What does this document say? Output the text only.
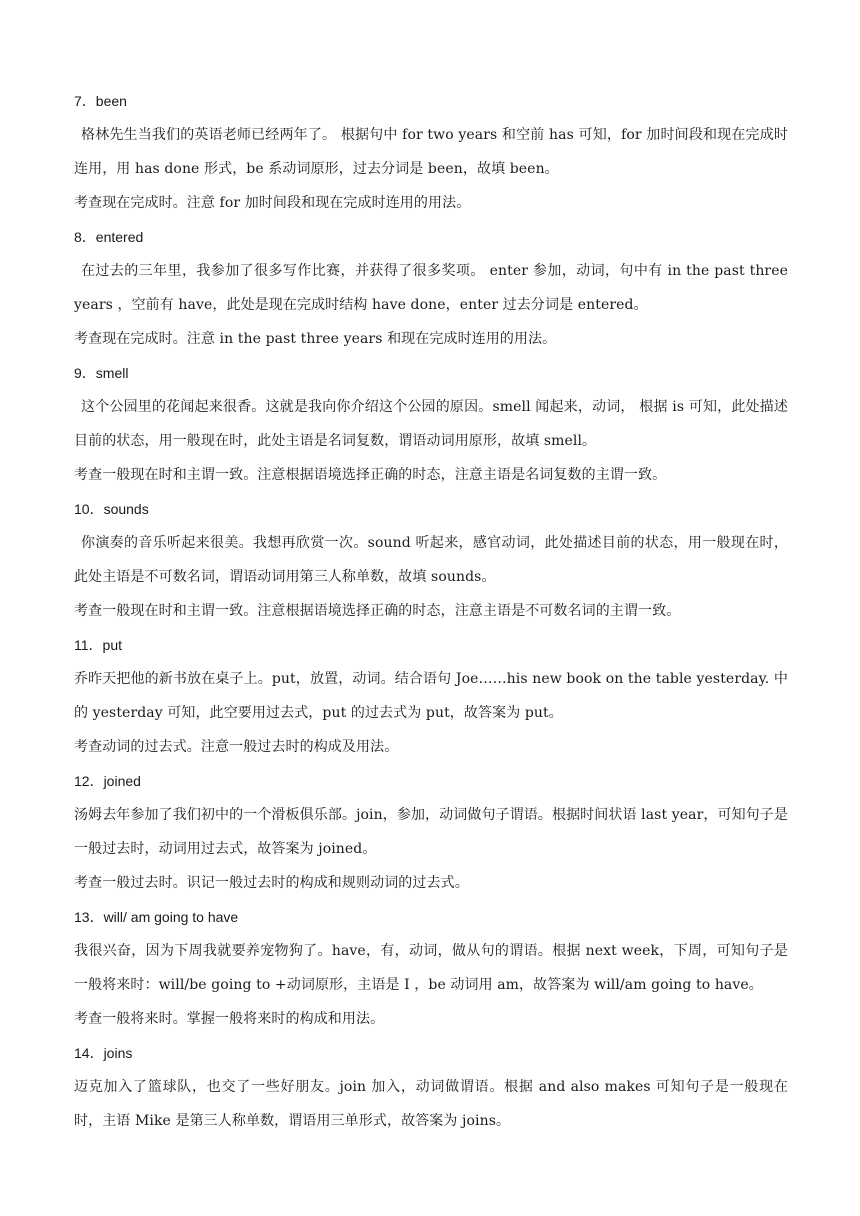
7．been

格林先生当我们的英语老师已经两年了。 根据句中 for two years 和空前 has 可知，for 加时间段和现在完成时连用，用 has done 形式，be 系动词原形，过去分词是 been，故填 been。

考查现在完成时。注意 for 加时间段和现在完成时连用的用法。

8．entered

在过去的三年里，我参加了很多写作比赛，并获得了很多奖项。 enter 参加，动词，句中有 in the past three years ，空前有 have，此处是现在完成时结构 have done，enter 过去分词是 entered。

考查现在完成时。注意 in the past three years 和现在完成时连用的用法。

9．smell

这个公园里的花闻起来很香。这就是我向你介绍这个公园的原因。smell 闻起来，动词， 根据 is 可知，此处描述目前的状态，用一般现在时，此处主语是名词复数，谓语动词用原形，故填 smell。

考查一般现在时和主谓一致。注意根据语境选择正确的时态，注意主语是名词复数的主谓一致。

10．sounds

你演奏的音乐听起来很美。我想再欣赏一次。sound 听起来，感官动词，此处描述目前的状态，用一般现在时，此处主语是不可数名词，谓语动词用第三人称单数，故填 sounds。

考查一般现在时和主谓一致。注意根据语境选择正确的时态，注意主语是不可数名词的主谓一致。

11．put

乔昨天把他的新书放在桌子上。put，放置，动词。结合语句 Joe……his new book on the table yesterday. 中的 yesterday 可知，此空要用过去式，put 的过去式为 put，故答案为 put。

考查动词的过去式。注意一般过去时的构成及用法。

12．joined

汤姆去年参加了我们初中的一个滑板俱乐部。join，参加，动词做句子谓语。根据时间状语 last year，可知句子是一般过去时，动词用过去式，故答案为 joined。

考查一般过去时。识记一般过去时的构成和规则动词的过去式。

13．will/ am going to have

我很兴奋，因为下周我就要养宠物狗了。have，有，动词，做从句的谓语。根据 next week，下周，可知句子是一般将来时：will/be going to +动词原形，主语是 I ，be 动词用 am，故答案为 will/am going to have。

考查一般将来时。掌握一般将来时的构成和用法。

14．joins

迈克加入了篮球队，也交了一些好朋友。join 加入，动词做谓语。根据 and also makes 可知句子是一般现在时，主语 Mike 是第三人称单数，谓语用三单形式，故答案为 joins。
